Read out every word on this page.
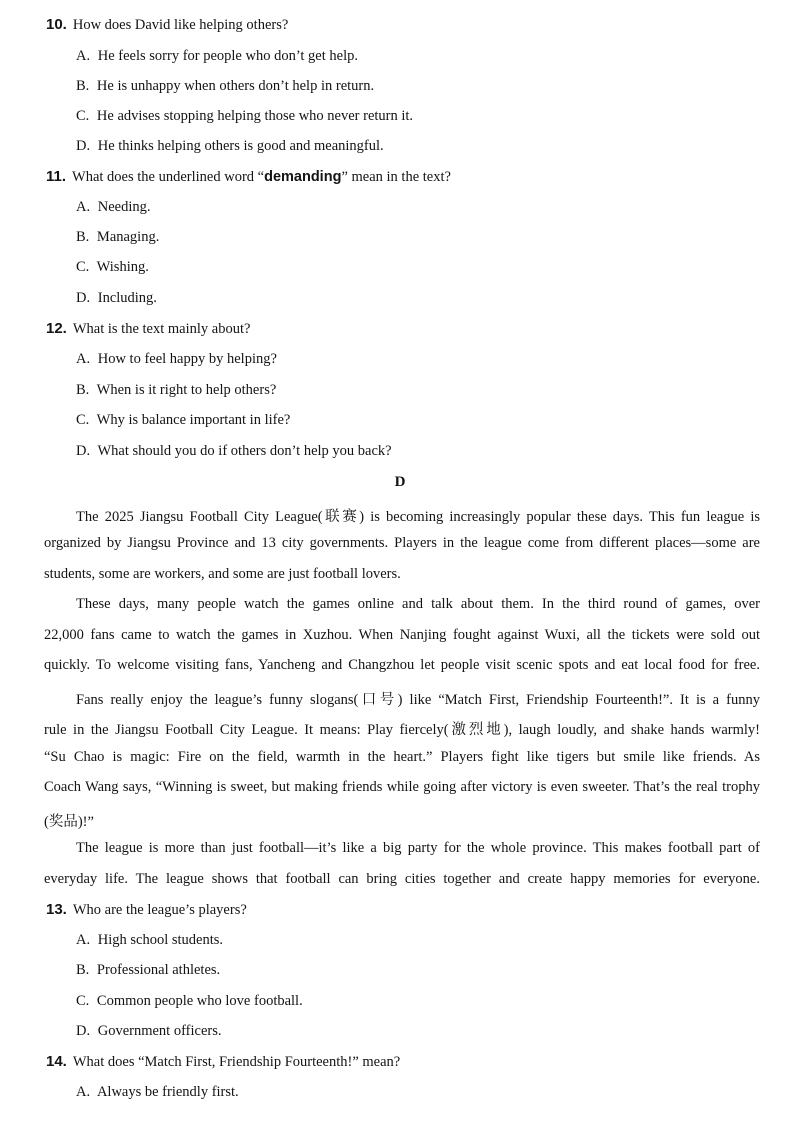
10. How does David like helping others?
A. He feels sorry for people who don’t get help.
B. He is unhappy when others don’t help in return.
C. He advises stopping helping those who never return it.
D. He thinks helping others is good and meaningful.
11. What does the underlined word “demanding” mean in the text?
A. Needing.
B. Managing.
C. Wishing.
D. Including.
12. What is the text mainly about?
A. How to feel happy by helping?
B. When is it right to help others?
C. Why is balance important in life?
D. What should you do if others don’t help you back?
D
The 2025 Jiangsu Football City League(联赛) is becoming increasingly popular these days. This fun league is
organized by Jiangsu Province and 13 city governments. Players in the league come from different places—some are
students, some are workers, and some are just football lovers.
These days, many people watch the games online and talk about them. In the third round of games, over
22,000 fans came to watch the games in Xuzhou. When Nanjing fought against Wuxi, all the tickets were sold out
quickly. To welcome visiting fans, Yancheng and Changzhou let people visit scenic spots and eat local food for free.
Fans really enjoy the league’s funny slogans(口号) like “Match First, Friendship Fourteenth!”. It is a funny
rule in the Jiangsu Football City League. It means: Play fiercely(激烈地), laugh loudly, and shake hands warmly!
“Su Chao is magic: Fire on the field, warmth in the heart.” Players fight like tigers but smile like friends. As
Coach Wang says, “Winning is sweet, but making friends while going after victory is even sweeter. That’s the real trophy
(奖品)!”
The league is more than just football—it’s like a big party for the whole province. This makes football part of
everyday life. The league shows that football can bring cities together and create happy memories for everyone.
13. Who are the league’s players?
A. High school students.
B. Professional athletes.
C. Common people who love football.
D. Government officers.
14. What does “Match First, Friendship Fourteenth!” mean?
A. Always be friendly first.
